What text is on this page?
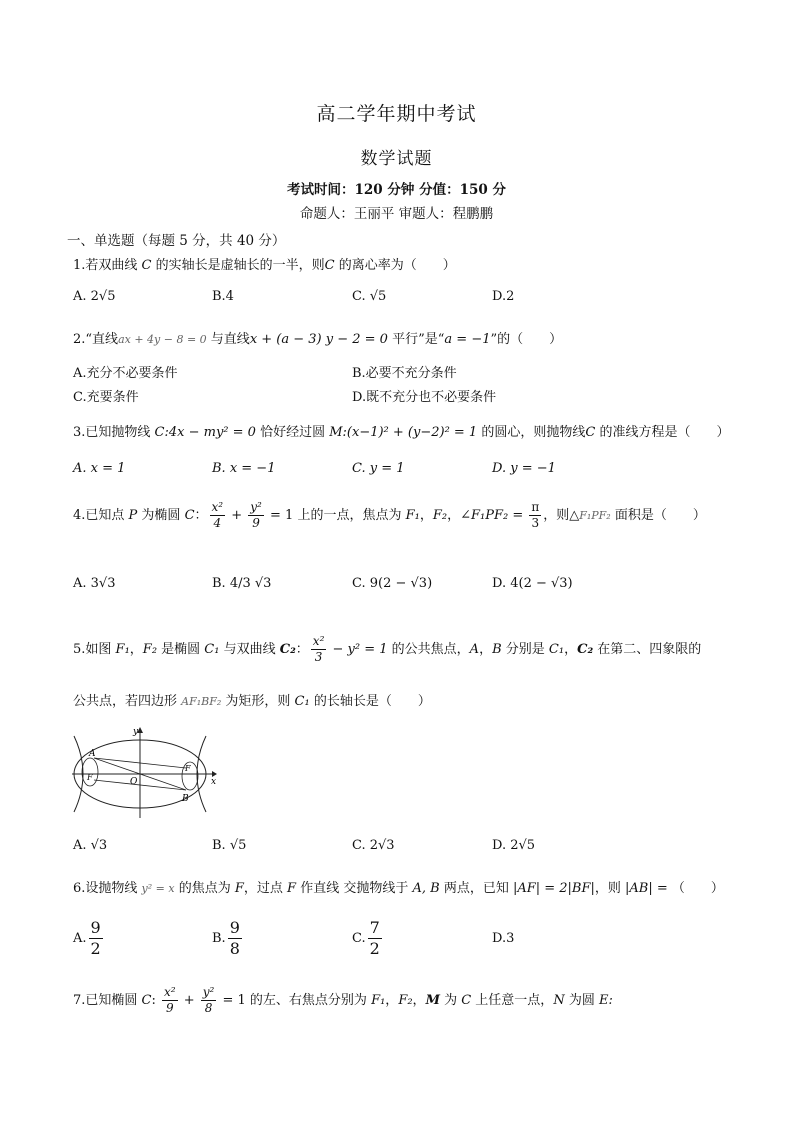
高二学年期中考试
数学试题
考试时间：120 分钟 分值：150 分
命题人：王丽平 审题人：程鹏鹏
一、单选题（每题 5 分，共 40 分）
1.若双曲线 C 的实轴长是虚轴长的一半，则C 的离心率为（　　）
A. 2√5	B.4	C. √5	D.2
2.“直线ax + 4y − 8 = 0 与直线x + (a − 3) y − 2 = 0 平行”是“a = −1”的（　　）
A.充分不必要条件	B.必要不充分条件
C.充要条件	D.既不充分也不必要条件
3.已知抛物线 C:4x − my² = 0 恰好经过圆 M:(x−1)² + (y−2)² = 1 的圆心，则抛物线C 的准线方程是（　　）
A. x = 1	B. x = −1	C. y = 1	D. y = −1
4.已知点 P 为椭圆 C： $\frac{\text{x²}}{4} + \frac{\text{y²}}{9} = 1$ 上的一点，焦点为 F₁，F₂，∠F₁PF₂ = $\frac{\pi}{3}$ ，则△F₁PF₂ 面积是（　　）
A. 3√3	B. 4/3 √3	C. 9(2 − √3)	D. 4(2 − √3)
5.如图 F₁，F₂ 是椭圆 C₁ 与双曲线 C₂： $\frac{\text{x²}}{3} - y^2 = 1$ 的公共焦点，A，B 分别是 C₁，C₂ 在第二、四象限的
公共点，若四边形 AF₁BF₂ 为矩形，则 C₁ 的长轴长是（　　）
y
x
O
A
B
F
F
A. √3	B. √5	C. 2√3	D. 2√5
6.设抛物线 y² = x 的焦点为 F，过点 F 作直线 交抛物线于 A, B 两点，已知 |AF| = 2|BF|，则 |AB| = （　　）
A. $\frac{9}{2}$	B. $\frac{9}{8}$	C. $\frac{7}{2}$	D.3
7.已知椭圆 C: $\frac{\text{x²}}{9} + \frac{\text{y²}}{8} = 1$ 的左、右焦点分别为 F₁，F₂，M 为 C 上任意一点，N 为圆 E:
